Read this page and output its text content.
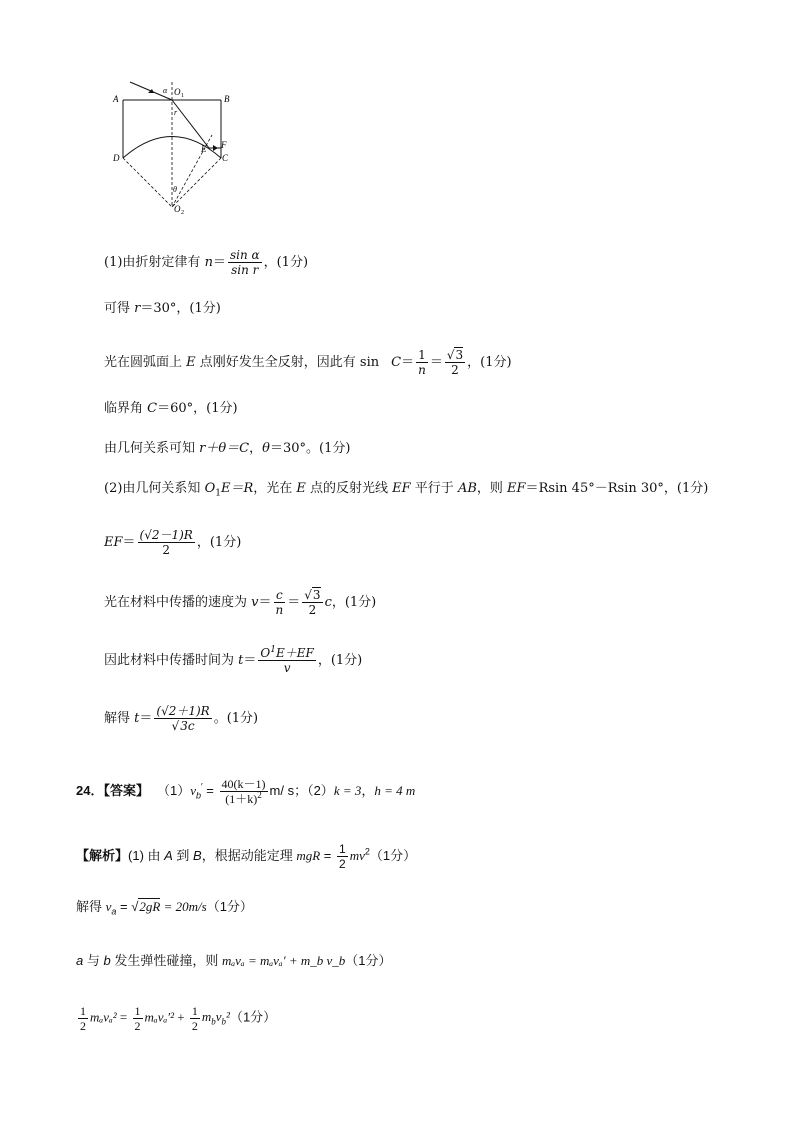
A	B
D	C
E F
O 1
O 2
α
r
θ
(1)由折射定律有 $n= \frac{\text{sin α}}{\text{sin r}}$ ，(1分)
可得 r＝30°，(1分)
光在圆弧面上 E 点刚好发生全反射，因此有 $\sin C= \frac{1}{n} = \frac{√3}{2}$ ，(1分)
临界角 C＝60°，(1分)
由几何关系可知 r＋θ＝C，θ＝30°。(1分)
(2)由几何关系知 $O_1E=R$，光在 E 点的反射光线 EF 平行于 AB，则 EF＝Rsin 45°－Rsin 30°，(1分)
$EF= \frac{(√2-1)R}{2}$ ，(1分)
光在材料中传播的速度为 $v= \frac{c}{n} = \frac{√3}{2}$ c，(1分)
因此材料中传播时间为 $t= \frac{O^1E+EF}{v}$ ，(1分)
解得 $t= \frac{(√2+1)R}{√3c}$ 。(1分)
24．【答案】 $(1)v_b' = \frac{40(k-1)}{(1+k)^2} m/$ s；（2）k = 3，h = 4 m
【解析】(1) 由 A 到 B，根据动能定理 mgR = $\frac{1}{2} mv^2(1$分）
解得 $v_a = √2gR = 20m/s(1$分）
a 与 b 发生弹性碰撞，则 mₐvₐ = mₐvₐ′ + m_b v_b（1分）
$\frac{1}{2} m_av_a^2 = \frac{1}{2} m_av_a'^2 + \frac{1}{2} m_bv_b^2(1$分）
